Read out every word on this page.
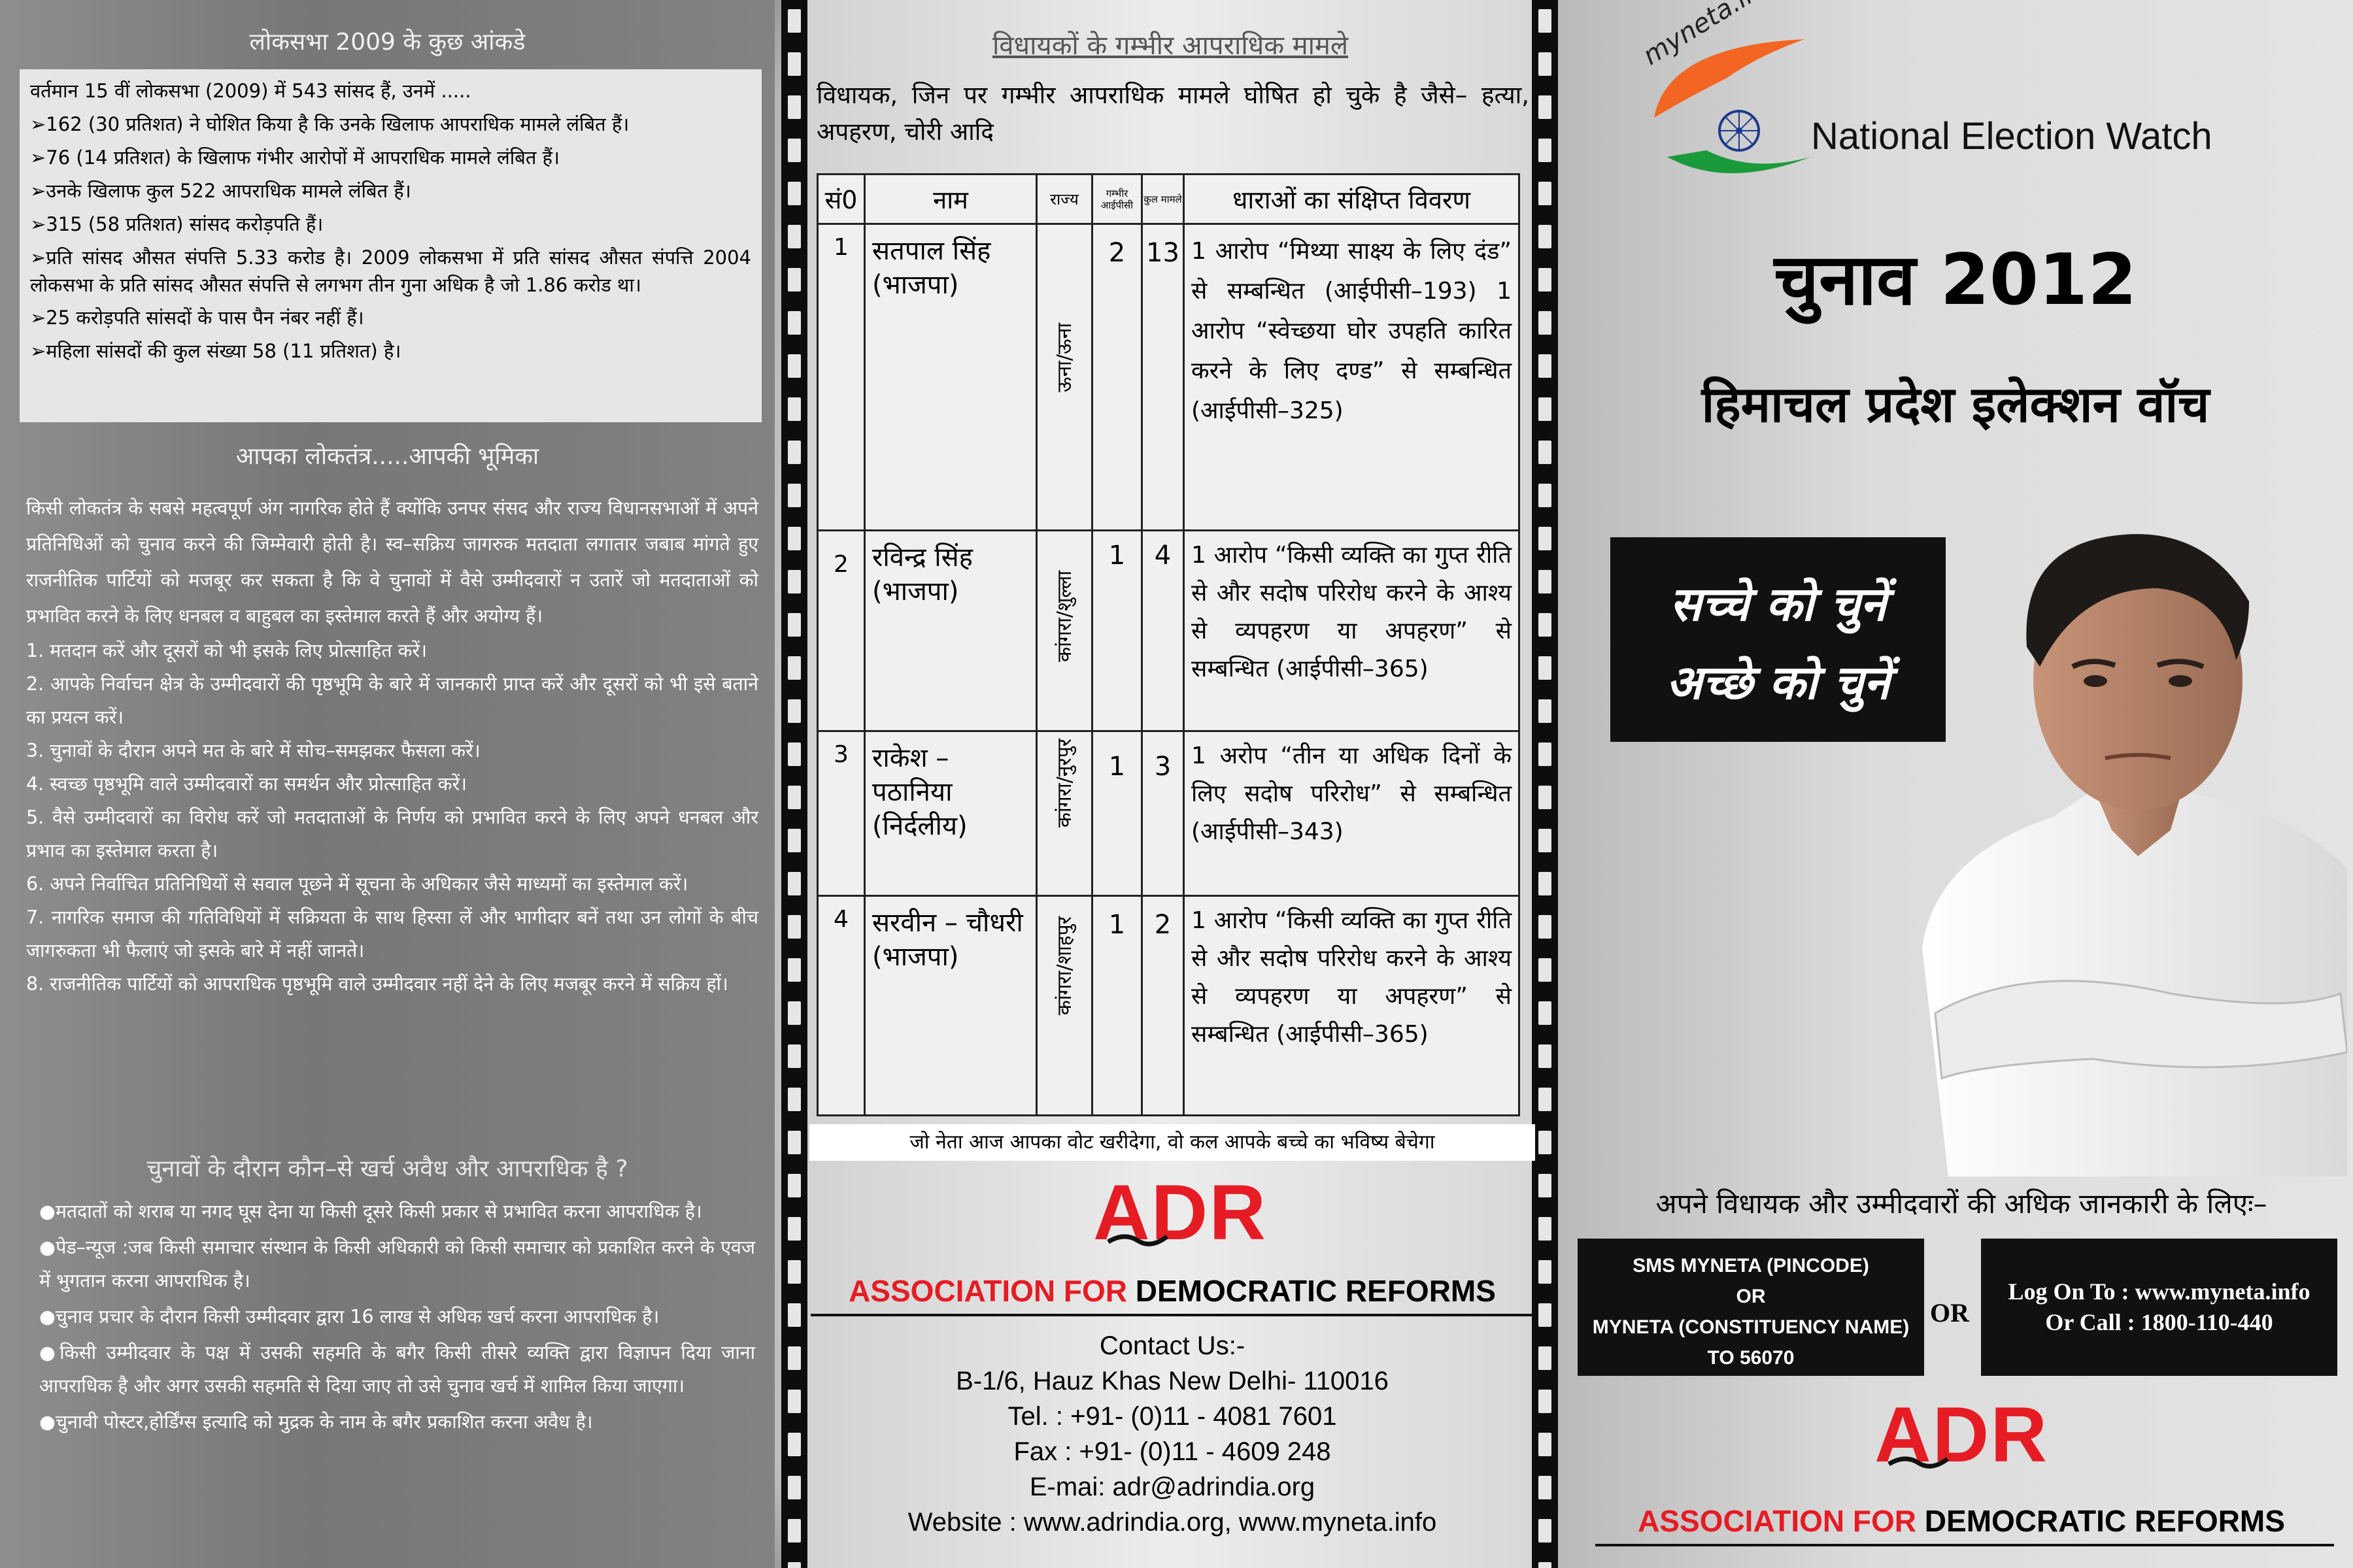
लोकसभा 2009 के कुछ आंकडे
वर्तमान 15 वीं लोकसभा (2009) में 543 सांसद हैं, उनमें .....
➢162 (30 प्रतिशत) ने घोशित किया है कि उनके खिलाफ आपराधिक मामले लंबित हैं।
➢76 (14 प्रतिशत) के खिलाफ गंभीर आरोपों में आपराधिक मामले लंबित हैं।
➢उनके खिलाफ कुल 522 आपराधिक मामले लंबित हैं।
➢315 (58 प्रतिशत) सांसद करोड़पति हैं।
➢प्रति सांसद औसत संपत्ति 5.33 करोड है। 2009 लोकसभा में प्रति सांसद औसत संपत्ति 2004 लोकसभा के प्रति सांसद औसत संपत्ति से लगभग तीन गुना अधिक है जो 1.86 करोड था।
➢25 करोड़पति सांसदों के पास पैन नंबर नहीं हैं।
➢महिला सांसदों की कुल संख्या 58 (11 प्रतिशत) है।
आपका लोकतंत्र.....आपकी भूमिका
किसी लोकतंत्र के सबसे महत्वपूर्ण अंग नागरिक होते हैं क्योंकि उनपर संसद और राज्य विधानसभाओं में अपने प्रतिनिधिओं को चुनाव करने की जिम्मेवारी होती है। स्व–सक्रिय जागरुक मतदाता लगातार जबाब मांगते हुए राजनीतिक पार्टियों को मजबूर कर सकता है कि वे चुनावों में वैसे उम्मीदवारों न उतारें जो मतदाताओं को प्रभावित करने के लिए धनबल व बाहुबल का इस्तेमाल करते हैं और अयोग्य हैं।
1. मतदान करें और दूसरों को भी इसके लिए प्रोत्साहित करें।
2. आपके निर्वाचन क्षेत्र के उम्मीदवारों की पृष्ठभूमि के बारे में जानकारी प्राप्त करें और दूसरों को भी इसे बताने का प्रयत्न करें।
3. चुनावों के दौरान अपने मत के बारे में सोच–समझकर फैसला करें।
4. स्वच्छ पृष्ठभूमि वाले उम्मीदवारों का समर्थन और प्रोत्साहित करें।
5. वैसे उम्मीदवारों का विरोध करें जो मतदाताओं के निर्णय को प्रभावित करने के लिए अपने धनबल और प्रभाव का इस्तेमाल करता है।
6. अपने निर्वाचित प्रतिनिधियों से सवाल पूछने में सूचना के अधिकार जैसे माध्यमों का इस्तेमाल करें।
7. नागरिक समाज की गतिविधियों में सक्रियता के साथ हिस्सा लें और भागीदार बनें तथा उन लोगों के बीच जागरुकता भी फैलाएं जो इसके बारे में नहीं जानते।
8. राजनीतिक पार्टियों को आपराधिक पृष्ठभूमि वाले उम्मीदवार नहीं देने के लिए मजबूर करने में सक्रिय हों।
चुनावों के दौरान कौन–से खर्च अवैध और आपराधिक है ?
●मतदातों को शराब या नगद घूस देना या किसी दूसरे किसी प्रकार से प्रभावित करना आपराधिक है।
●पेड–न्यूज :जब किसी समाचार संस्थान के किसी अधिकारी को किसी समाचार को प्रकाशित करने के एवज में भुगतान करना आपराधिक है।
●चुनाव प्रचार के दौरान किसी उम्मीदवार द्वारा 16 लाख से अधिक खर्च करना आपराधिक है।
●किसी उम्मीदवार के पक्ष में उसकी सहमति के बगैर किसी तीसरे व्यक्ति द्वारा विज्ञापन दिया जाना आपराधिक है और अगर उसकी सहमति से दिया जाए तो उसे चुनाव खर्च में शामिल किया जाएगा।
●चुनावी पोस्टर,होर्डिंग्स इत्यादि को मुद्रक के नाम के बगैर प्रकाशित करना अवैध है।
विधायकों के गम्भीर आपराधिक मामले
विधायक, जिन पर गम्भीर आपराधिक मामले घोषित हो चुके है जैसे– हत्या, अपहरण, चोरी आदि
सं0	नाम	राज्य	गम्भीर आईपीसी	कुल मामले	धाराओं का संक्षिप्त विवरण
1	सतपाल सिंह (भाजपा)	ऊना/ऊना	2	13	1 आरोप “मिथ्या साक्ष्य के लिए दंड” से सम्बन्धित (आईपीसी–193) 1 आरोप “स्वेच्छया घोर उपहति कारित करने के लिए दण्ड” से सम्बन्धित (आईपीसी–325)
2	रविन्द्र सिंह (भाजपा)	कांगरा/शुल्ला	1	4	1 आरोप “किसी व्यक्ति का गुप्त रीति से और सदोष परिरोध करने के आश्य से व्यपहरण या अपहरण” से सम्बन्धित (आईपीसी–365)
3	राकेश – पठानिया (निर्दलीय)	कांगरा/नुरपुर	1	3	1 अरोप “तीन या अधिक दिनों के लिए सदोष परिरोध” से सम्बन्धित (आईपीसी–343)
4	सरवीन – चौधरी (भाजपा)	कांगरा/शाहपुर	1	2	1 आरोप “किसी व्यक्ति का गुप्त रीति से और सदोष परिरोध करने के आश्य से व्यपहरण या अपहरण” से सम्बन्धित (आईपीसी–365)
जो नेता आज आपका वोट खरीदेगा, वो कल आपके बच्चे का भविष्य बेचेगा
ADR
ASSOCIATION FOR DEMOCRATIC REFORMS
Contact Us:-
B-1/6, Hauz Khas New Delhi- 110016
Tel. : +91- (0)11 - 4081 7601
Fax : +91- (0)11 - 4609 248
E-mai: adr@adrindia.org
Website : www.adrindia.org, www.myneta.info
National Election Watch
चुनाव 2012
हिमाचल प्रदेश इलेक्शन वॉच
सच्चे को चुनें
अच्छे को चुनें
अपने विधायक और उम्मीदवारों की अधिक जानकारी के लिएः–
SMS MYNETA (PINCODE)
OR
MYNETA (CONSTITUENCY NAME)
TO 56070
OR
Log On To : www.myneta.info
Or Call : 1800-110-440
ADR
ASSOCIATION FOR DEMOCRATIC REFORMS
